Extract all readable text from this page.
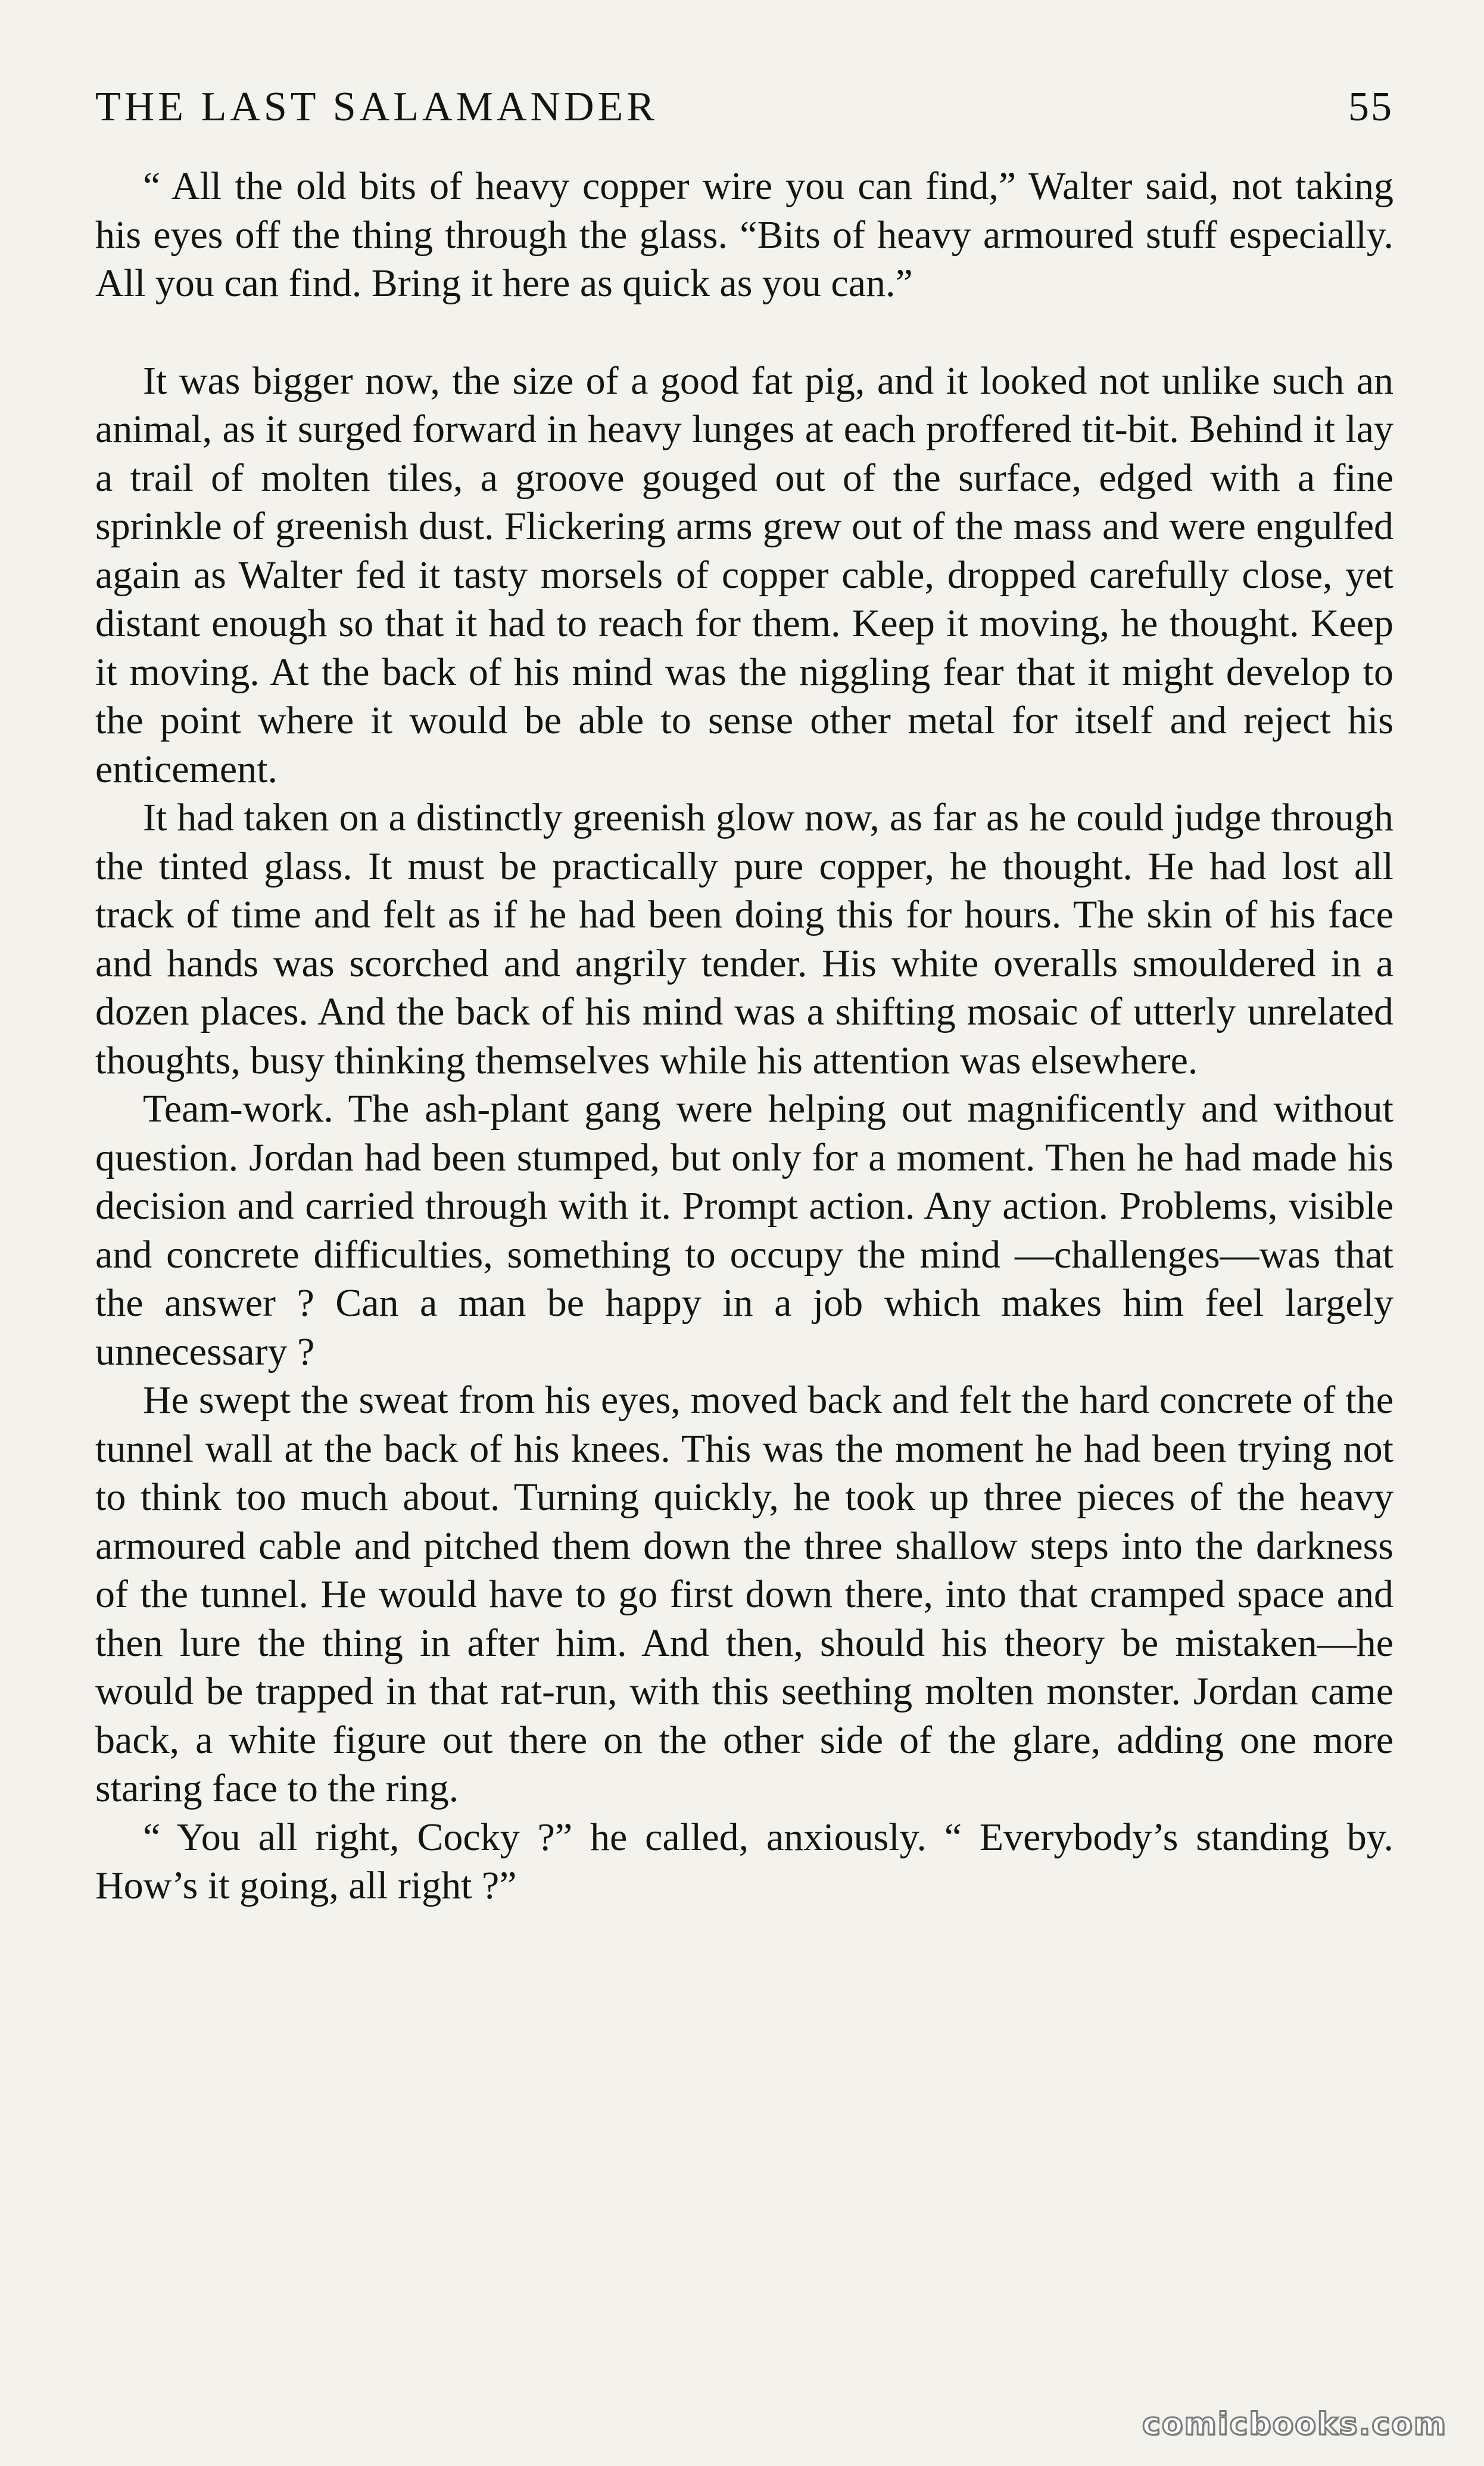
THE LAST SALAMANDER	55

“ All the old bits of heavy copper wire you can find,” Walter said, not taking his eyes off the thing through the glass. “Bits of heavy armoured stuff especially. All you can find. Bring it here as quick as you can.”

It was bigger now, the size of a good fat pig, and it looked not unlike such an animal, as it surged forward in heavy lunges at each proffered tit-bit. Behind it lay a trail of molten tiles, a groove gouged out of the surface, edged with a fine sprinkle of greenish dust. Flickering arms grew out of the mass and were engulfed again as Walter fed it tasty morsels of copper cable, dropped carefully close, yet distant enough so that it had to reach for them. Keep it moving, he thought. Keep it moving. At the back of his mind was the niggling fear that it might develop to the point where it would be able to sense other metal for itself and reject his enticement.

It had taken on a distinctly greenish glow now, as far as he could judge through the tinted glass. It must be practically pure copper, he thought. He had lost all track of time and felt as if he had been doing this for hours. The skin of his face and hands was scorched and angrily tender. His white overalls smouldered in a dozen places. And the back of his mind was a shifting mosaic of utterly unrelated thoughts, busy thinking themselves while his attention was elsewhere.

Team-work. The ash-plant gang were helping out magnificently and without question. Jordan had been stumped, but only for a moment. Then he had made his decision and carried through with it. Prompt action. Any action. Problems, visible and concrete difficulties, something to occupy the mind —challenges—was that the answer ? Can a man be happy in a job which makes him feel largely unnecessary ?

He swept the sweat from his eyes, moved back and felt the hard concrete of the tunnel wall at the back of his knees. This was the moment he had been trying not to think too much about. Turning quickly, he took up three pieces of the heavy armoured cable and pitched them down the three shallow steps into the darkness of the tunnel. He would have to go first down there, into that cramped space and then lure the thing in after him. And then, should his theory be mistaken—he would be trapped in that rat-run, with this seething molten monster. Jordan came back, a white figure out there on the other side of the glare, adding one more staring face to the ring.

“ You all right, Cocky ?” he called, anxiously. “ Everybody’s standing by. How’s it going, all right ?”

comicbooks.com
